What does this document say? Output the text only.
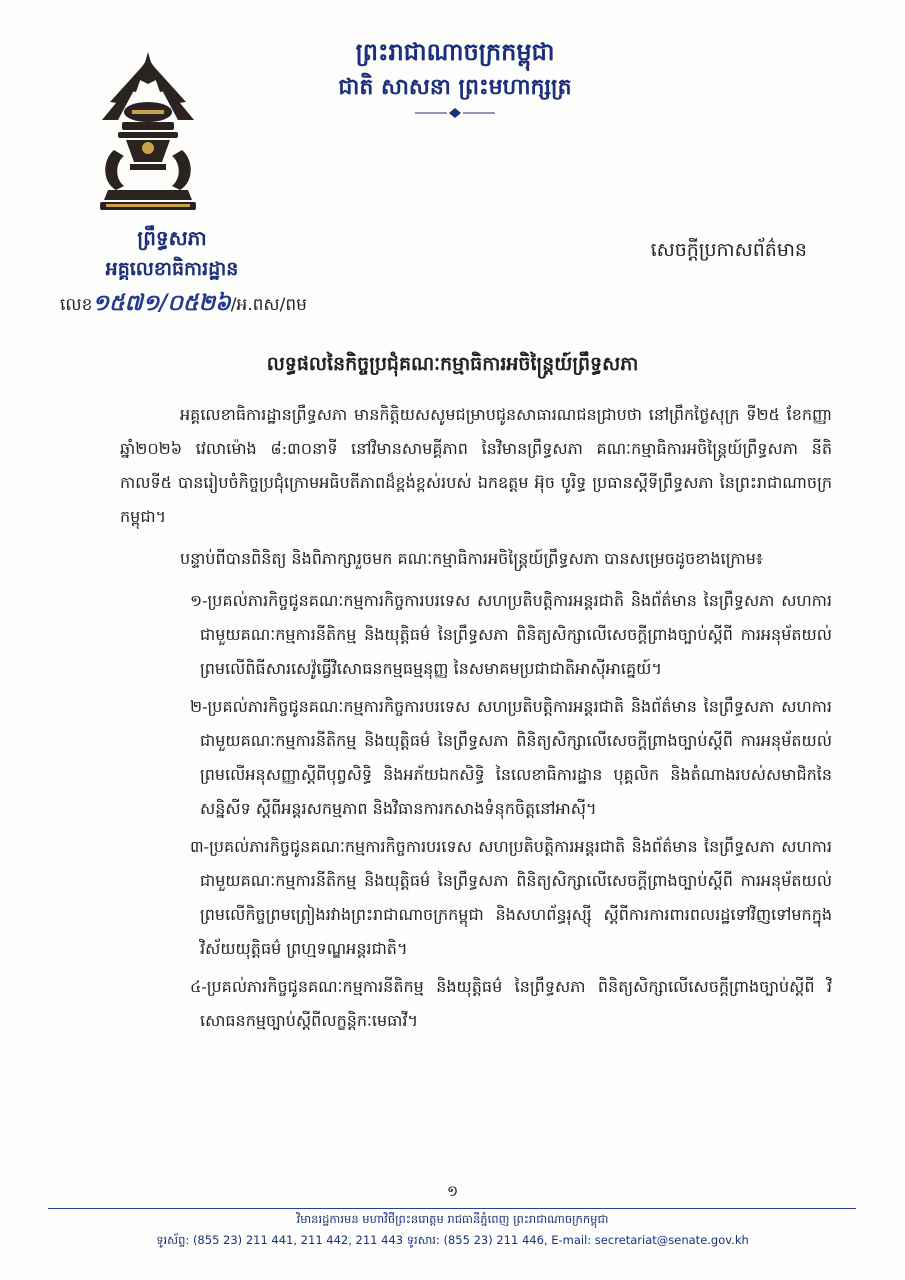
ព្រះរាជាណាចក្រកម្ពុជា
ជាតិ សាសនា ព្រះមហាក្សត្រ
ព្រឹទ្ធសភា
អគ្គលេខាធិការដ្ឋាន
លេខ១៥៧១/០៥២៦/អ.ពស/ពម
សេចក្តីប្រកាសព័ត៌មាន
លទ្ធផលនៃកិច្ចប្រជុំគណៈកម្មាធិការអចិន្ត្រៃយ៍ព្រឹទ្ធសភា

អគ្គលេខាធិការដ្ឋានព្រឹទ្ធសភា មានកិត្តិយសសូមជម្រាបជូនសាធារណជនជ្រាបថា នៅព្រឹកថ្ងៃសុក្រ ទី២៥ ខែកញ្ញា ឆ្នាំ២០២៦ វេលាម៉ោង ៨:៣០នាទី នៅវិមានសាមគ្គីភាព នៃវិមានព្រឹទ្ធសភា គណៈកម្មាធិការអចិន្ត្រៃយ៍ព្រឹទ្ធសភា នីតិកាលទី៥ បានរៀបចំកិច្ចប្រជុំក្រោមអធិបតីភាពដ៏ខ្ពង់ខ្ពស់របស់ ឯកឧត្តម អ៊ុច បូរិទ្ធ ប្រធានស្តីទីព្រឹទ្ធសភា នៃព្រះរាជាណាចក្រកម្ពុជា។

បន្ទាប់ពីបានពិនិត្យ និងពិភាក្សារួចមក គណៈកម្មាធិការអចិន្ត្រៃយ៍ព្រឹទ្ធសភា បានសម្រេចដូចខាងក្រោម៖

១-ប្រគល់ភារកិច្ចជូនគណៈកម្មការកិច្ចការបរទេស សហប្រតិបត្តិការអន្តរជាតិ និងព័ត៌មាន នៃព្រឹទ្ធសភា សហការជាមួយគណៈកម្មការនីតិកម្ម និងយុត្តិធម៌ នៃព្រឹទ្ធសភា ពិនិត្យសិក្សាលើសេចក្តីព្រាងច្បាប់ស្តីពី ការអនុម័តយល់ព្រមលើពិធីសារសេវ៉ូធ្វើវិសោធនកម្មធម្មនុញ្ញ នៃសមាគមប្រជាជាតិអាស៊ីអាគ្នេយ៍។
២-ប្រគល់ភារកិច្ចជូនគណៈកម្មការកិច្ចការបរទេស សហប្រតិបត្តិការអន្តរជាតិ និងព័ត៌មាន នៃព្រឹទ្ធសភា សហការជាមួយគណៈកម្មការនីតិកម្ម និងយុត្តិធម៌ នៃព្រឹទ្ធសភា ពិនិត្យសិក្សាលើសេចក្តីព្រាងច្បាប់ស្តីពី ការអនុម័តយល់ព្រមលើអនុសញ្ញាស្តីពីបុព្វសិទ្ធិ និងអភ័យឯកសិទ្ធិ នៃលេខាធិការដ្ឋាន បុគ្គលិក និងតំណាងរបស់សមាជិកនៃសន្និសីទ ស្តីពីអន្តរសកម្មភាព និងវិធានការកសាងទំនុកចិត្តនៅអាស៊ី។
៣-ប្រគល់ភារកិច្ចជូនគណៈកម្មការកិច្ចការបរទេស សហប្រតិបត្តិការអន្តរជាតិ និងព័ត៌មាន នៃព្រឹទ្ធសភា សហការជាមួយគណៈកម្មការនីតិកម្ម និងយុត្តិធម៌ នៃព្រឹទ្ធសភា ពិនិត្យសិក្សាលើសេចក្តីព្រាងច្បាប់ស្តីពី ការអនុម័តយល់ព្រមលើកិច្ចព្រមព្រៀងរវាងព្រះរាជាណាចក្រកម្ពុជា និងសហព័ន្ធរុស្ស៊ី ស្តីពីការការពារពលរដ្ឋទៅវិញទៅមកក្នុងវិស័យយុត្តិធម៌ ព្រហ្មទណ្ឌអន្តរជាតិ។
៤-ប្រគល់ភារកិច្ចជូនគណៈកម្មការនីតិកម្ម និងយុត្តិធម៌ នៃព្រឹទ្ធសភា ពិនិត្យសិក្សាលើសេចក្តីព្រាងច្បាប់ស្តីពី វិសោធនកម្មច្បាប់ស្តីពីលក្ខន្តិកៈមេធាវី។
១
វិមានរដ្ឋការមន មហាវិថីព្រះនរោត្តម រាជធានីភ្នំពេញ ព្រះរាជាណាចក្រកម្ពុជា
ទូរស័ព្ទ: (855 23) 211 441, 211 442, 211 443 ទូរសារ: (855 23) 211 446, E-mail: secretariat@senate.gov.kh
